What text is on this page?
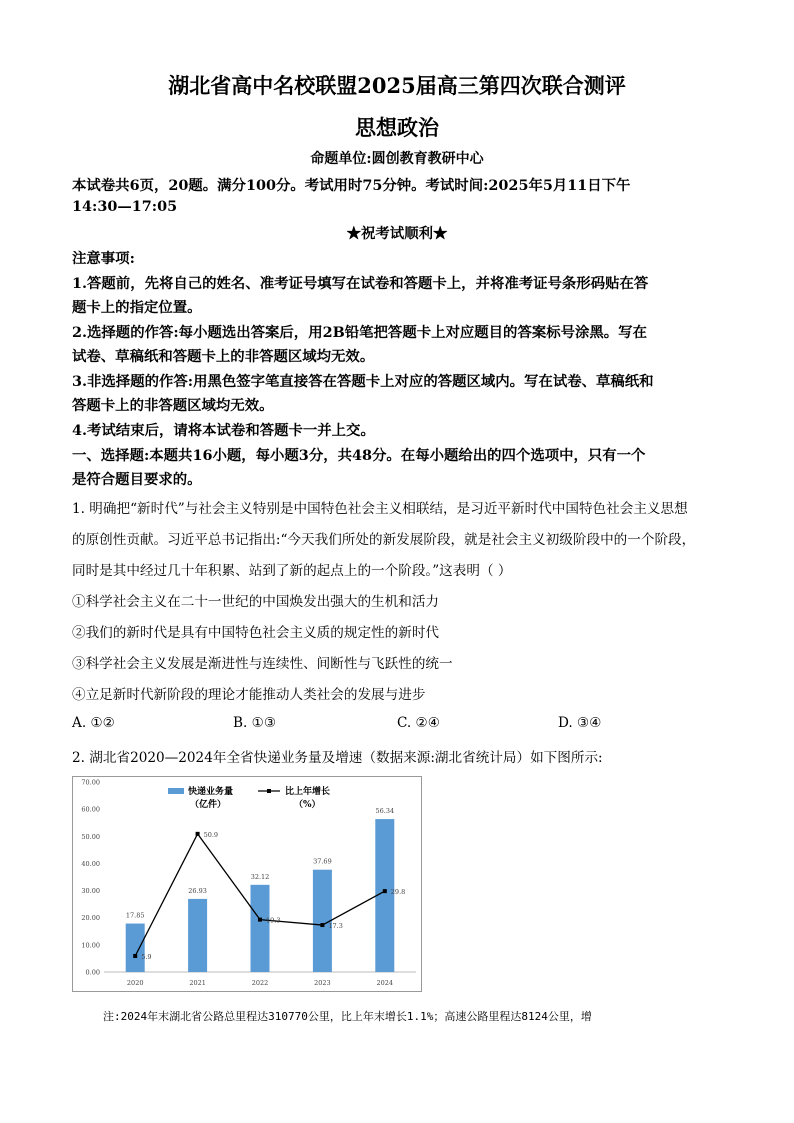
湖北省高中名校联盟2025届高三第四次联合测评
思想政治
命题单位:圆创教育教研中心
本试卷共6页，20题。满分100分。考试用时75分钟。考试时间:2025年5月11日下午
14:30—17:05
★祝考试顺利★
注意事项:
1.答题前，先将自己的姓名、准考证号填写在试卷和答题卡上，并将准考证号条形码贴在答
题卡上的指定位置。
2.选择题的作答:每小题选出答案后，用2B铅笔把答题卡上对应题目的答案标号涂黑。写在
试卷、草稿纸和答题卡上的非答题区域均无效。
3.非选择题的作答:用黑色签字笔直接答在答题卡上对应的答题区域内。写在试卷、草稿纸和
答题卡上的非答题区域均无效。
4.考试结束后，请将本试卷和答题卡一并上交。
一、选择题:本题共16小题，每小题3分，共48分。在每小题给出的四个选项中，只有一个
是符合题目要求的。
1. 明确把“新时代”与社会主义特别是中国特色社会主义相联结，是习近平新时代中国特色社会主义思想
的原创性贡献。习近平总书记指出:“今天我们所处的新发展阶段，就是社会主义初级阶段中的一个阶段，
同时是其中经过几十年积累、站到了新的起点上的一个阶段。”这表明（ ）
①科学社会主义在二十一世纪的中国焕发出强大的生机和活力
②我们的新时代是具有中国特色社会主义质的规定性的新时代
③科学社会主义发展是渐进性与连续性、间断性与飞跃性的统一
④立足新时代新阶段的理论才能推动人类社会的发展与进步
A. ①②	B. ①③	C. ②④	D. ③④
2. 湖北省2020—2024年全省快递业务量及增速（数据来源:湖北省统计局）如下图所示:
0.00
10.00
20.00
30.00
40.00
50.00
60.00
70.00
2020	2021	2022	2023	2024
17.85
26.93
32.12
37.69
56.34
5.9
50.9
19.3
17.3
29.8
快递业务量
（亿件）
比上年增长
（%）
注:2024年末湖北省公路总里程达310770公里，比上年末增长1.1%；高速公路里程达8124公里，增
